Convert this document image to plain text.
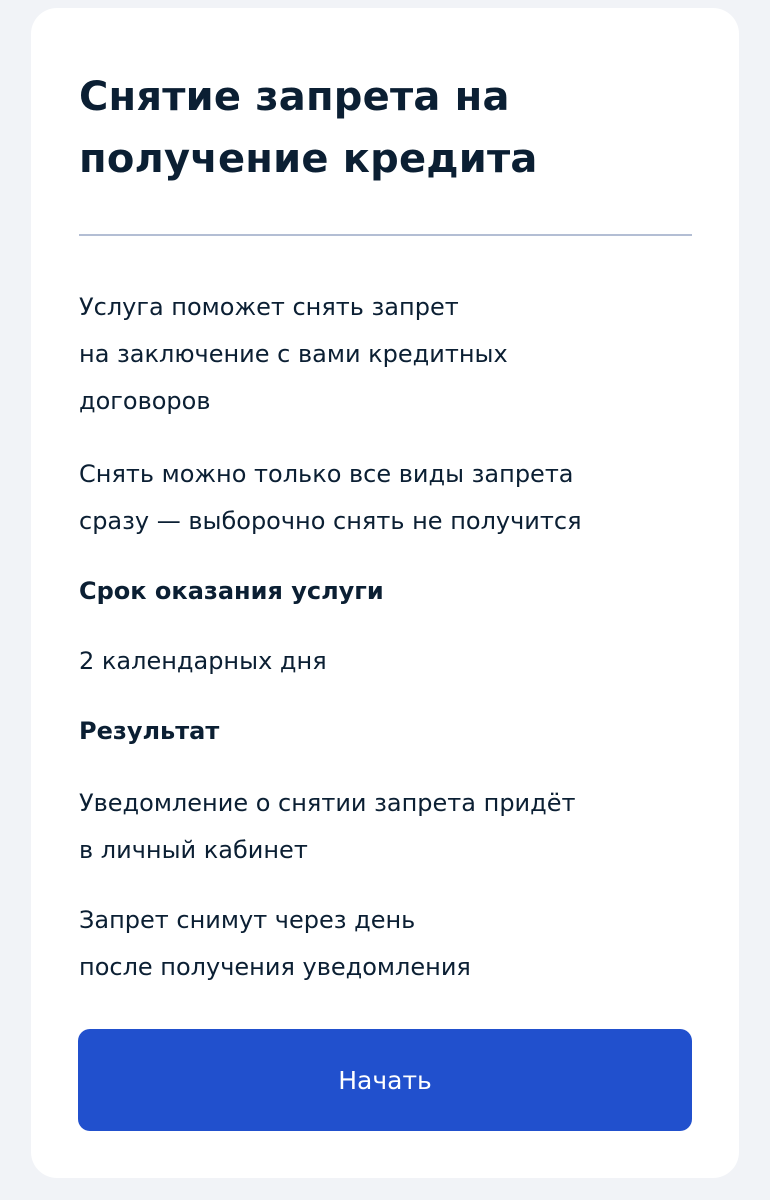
Снятие запрета на
получение кредита

Услуга поможет снять запрет
на заключение с вами кредитных
договоров

Снять можно только все виды запрета
сразу — выборочно снять не получится

Срок оказания услуги

2 календарных дня

Результат

Уведомление о снятии запрета придёт
в личный кабинет

Запрет снимут через день
после получения уведомления

Начать
